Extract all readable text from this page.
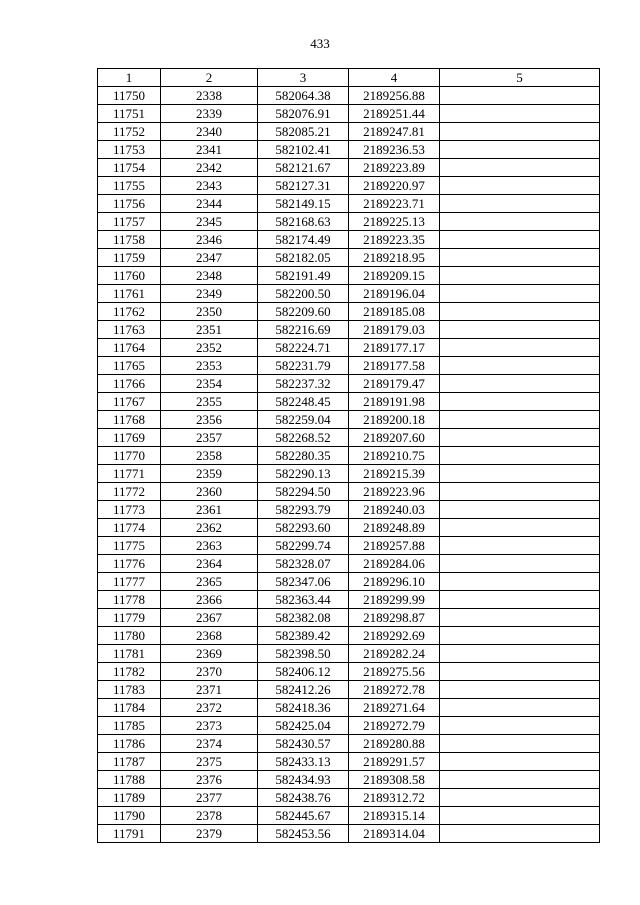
433
1	2	3	4	5
11750	2338	582064.38	2189256.88	
11751	2339	582076.91	2189251.44	
11752	2340	582085.21	2189247.81	
11753	2341	582102.41	2189236.53	
11754	2342	582121.67	2189223.89	
11755	2343	582127.31	2189220.97	
11756	2344	582149.15	2189223.71	
11757	2345	582168.63	2189225.13	
11758	2346	582174.49	2189223.35	
11759	2347	582182.05	2189218.95	
11760	2348	582191.49	2189209.15	
11761	2349	582200.50	2189196.04	
11762	2350	582209.60	2189185.08	
11763	2351	582216.69	2189179.03	
11764	2352	582224.71	2189177.17	
11765	2353	582231.79	2189177.58	
11766	2354	582237.32	2189179.47	
11767	2355	582248.45	2189191.98	
11768	2356	582259.04	2189200.18	
11769	2357	582268.52	2189207.60	
11770	2358	582280.35	2189210.75	
11771	2359	582290.13	2189215.39	
11772	2360	582294.50	2189223.96	
11773	2361	582293.79	2189240.03	
11774	2362	582293.60	2189248.89	
11775	2363	582299.74	2189257.88	
11776	2364	582328.07	2189284.06	
11777	2365	582347.06	2189296.10	
11778	2366	582363.44	2189299.99	
11779	2367	582382.08	2189298.87	
11780	2368	582389.42	2189292.69	
11781	2369	582398.50	2189282.24	
11782	2370	582406.12	2189275.56	
11783	2371	582412.26	2189272.78	
11784	2372	582418.36	2189271.64	
11785	2373	582425.04	2189272.79	
11786	2374	582430.57	2189280.88	
11787	2375	582433.13	2189291.57	
11788	2376	582434.93	2189308.58	
11789	2377	582438.76	2189312.72	
11790	2378	582445.67	2189315.14	
11791	2379	582453.56	2189314.04	
